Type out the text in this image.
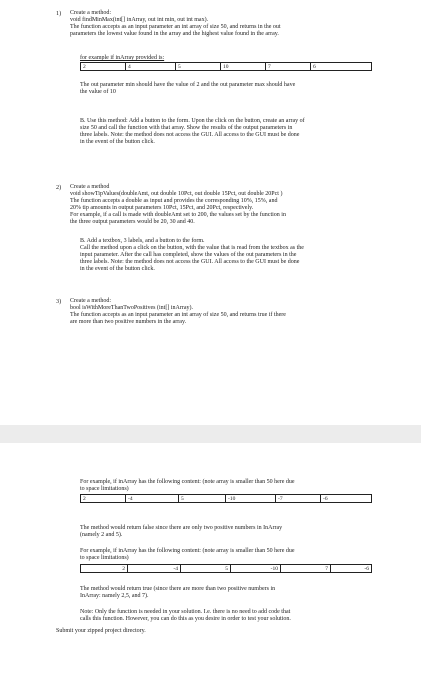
1) Create a method:

void findMinMax(int[] inArray, out int min, out int max).

The function accepts as an input parameter an int array of size 50, and returns in the out

parameters the lowest value found in the array and the highest value found in the array.

for example if inArray provided is:
2	4	5	10	7	6

The out parameter min should have the value of 2 and the out parameter max should have

the value of 10

B. Use this method: Add a button to the form. Upon the click on the button, create an array of

size 50 and call the function with that array. Show the results of the output parameters in

three labels. Note: the method does not access the GUI. All access to the GUI must be done

in the event of the button click.

2) Create a method

void showTipValues(doubleAmt, out double 10Pct, out double 15Pct, out double 20Pct )

The function accepts a double as input and provides the corresponding 10%, 15%, and

20% tip amounts in output parameters 10Pct, 15Pct, and 20Pct, respectively.

For example, if a call is made with doubleAmt set to 200, the values set by the function in

the three output parameters would be 20, 30 and 40.

B. Add a textbox, 3 labels, and a button to the form.

Call the method upon a click on the button, with the value that is read from the textbox as the

input parameter. After the call has completed, show the values of the out parameters in the

three labels. Note: the method does not access the GUI. All access to the GUI must be done

in the event of the button click.

3) Create a method:

bool isWithMoreThanTwoPositives (int[] inArray).

The function accepts as an input parameter an int array of size 50, and returns true if there

are more than two positive numbers in the array.

For example, if inArray has the following content: (note array is smaller than 50 here due

to space limitations)

2	-4	5	-10	-7	-6

The method would return false since there are only two positive numbers in InArray

(namely 2 and 5).

For example, if inArray has the following content: (note array is smaller than 50 here due

to space limitations)

2	-4	5	-10	7	-6

The method would return true (since there are more than two positive numbers in

InArray: namely 2,5, and 7).

Note: Only the function is needed in your solution. I.e. there is no need to add code that

calls this function. However, you can do this as you desire in order to test your solution.

Submit your zipped project directory.
